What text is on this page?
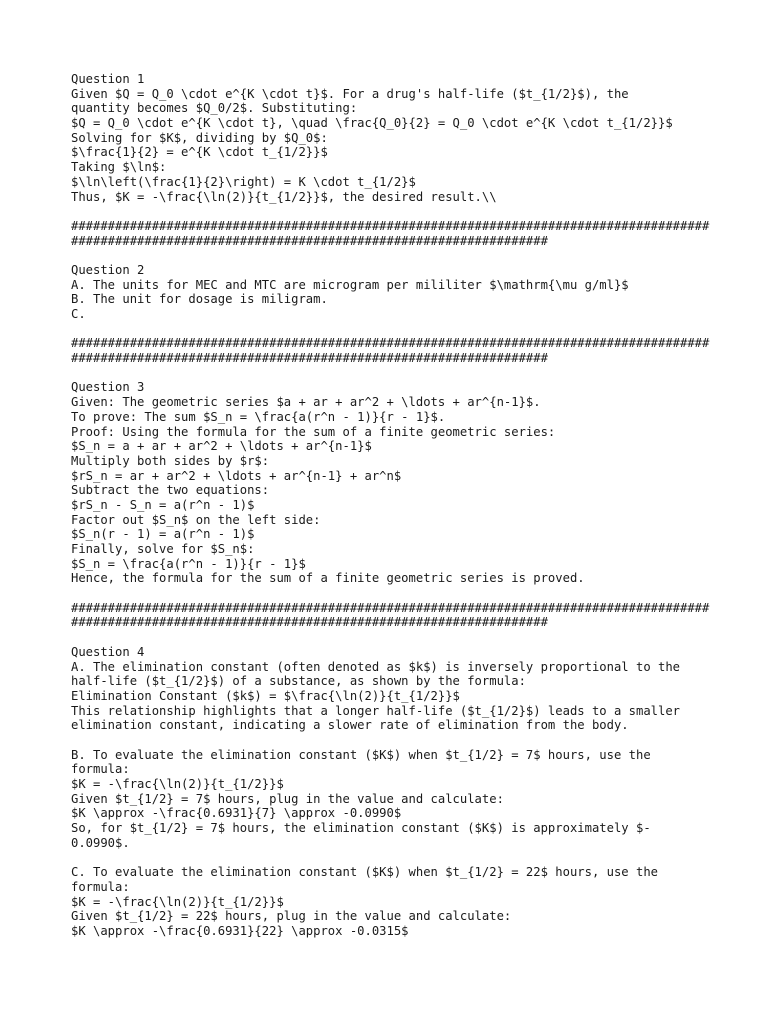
Question 1
Given $Q = Q_0 \cdot e^{K \cdot t}$. For a drug's half-life ($t_{1/2}$), the
quantity becomes $Q_0/2$. Substituting:
$Q = Q_0 \cdot e^{K \cdot t}, \quad \frac{Q_0}{2} = Q_0 \cdot e^{K \cdot t_{1/2}}$
Solving for $K$, dividing by $Q_0$:
$\frac{1}{2} = e^{K \cdot t_{1/2}}$
Taking $\ln$:
$\ln\left(\frac{1}{2}\right) = K \cdot t_{1/2}$
Thus, $K = -\frac{\ln(2)}{t_{1/2}}$, the desired result.\\
#######################################################################################
#################################################################
Question 2
A. The units for MEC and MTC are microgram per mililiter $\mathrm{\mu g/ml}$
B. The unit for dosage is miligram.
C.
#######################################################################################
#################################################################
Question 3
Given: The geometric series $a + ar + ar^2 + \ldots + ar^{n-1}$.
To prove: The sum $S_n = \frac{a(r^n - 1)}{r - 1}$.
Proof: Using the formula for the sum of a finite geometric series:
$S_n = a + ar + ar^2 + \ldots + ar^{n-1}$
Multiply both sides by $r$:
$rS_n = ar + ar^2 + \ldots + ar^{n-1} + ar^n$
Subtract the two equations:
$rS_n - S_n = a(r^n - 1)$
Factor out $S_n$ on the left side:
$S_n(r - 1) = a(r^n - 1)$
Finally, solve for $S_n$:
$S_n = \frac{a(r^n - 1)}{r - 1}$
Hence, the formula for the sum of a finite geometric series is proved.
#######################################################################################
#################################################################
Question 4
A. The elimination constant (often denoted as $k$) is inversely proportional to the
half-life ($t_{1/2}$) of a substance, as shown by the formula:
Elimination Constant ($k$) = $\frac{\ln(2)}{t_{1/2}}$
This relationship highlights that a longer half-life ($t_{1/2}$) leads to a smaller
elimination constant, indicating a slower rate of elimination from the body.
B. To evaluate the elimination constant ($K$) when $t_{1/2} = 7$ hours, use the
formula:
$K = -\frac{\ln(2)}{t_{1/2}}$
Given $t_{1/2} = 7$ hours, plug in the value and calculate:
$K \approx -\frac{0.6931}{7} \approx -0.0990$
So, for $t_{1/2} = 7$ hours, the elimination constant ($K$) is approximately $-
0.0990$.
C. To evaluate the elimination constant ($K$) when $t_{1/2} = 22$ hours, use the
formula:
$K = -\frac{\ln(2)}{t_{1/2}}$
Given $t_{1/2} = 22$ hours, plug in the value and calculate:
$K \approx -\frac{0.6931}{22} \approx -0.0315$
